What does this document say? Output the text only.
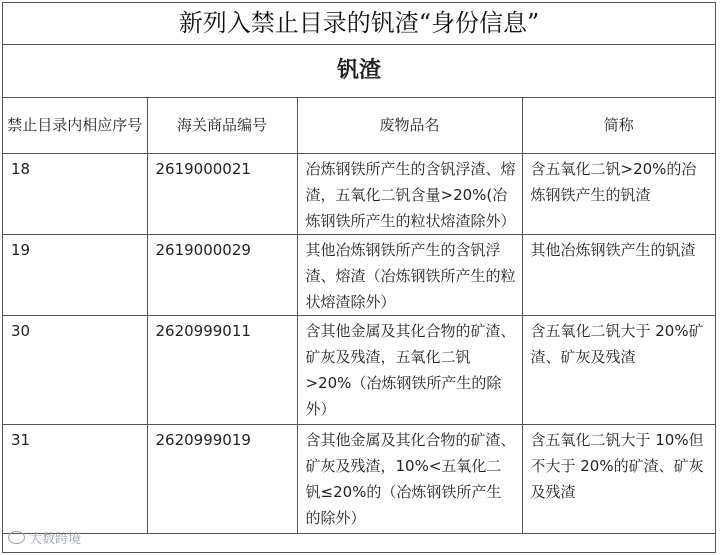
新列入禁止目录的钒渣“身份信息”
钒渣
禁止目录内相应序号	海关商品编号	废物品名	简称
18	2619000021	冶炼钢铁所产生的含钒浮渣、熔渣，五氧化二钒含量>20%(冶炼钢铁所产生的粒状熔渣除外）	含五氧化二钒>20%的冶炼钢铁产生的钒渣
19	2619000029	其他冶炼钢铁所产生的含钒浮渣、熔渣（冶炼钢铁所产生的粒状熔渣除外）	其他冶炼钢铁产生的钒渣
30	2620999011	含其他金属及其化合物的矿渣、矿灰及残渣，五氧化二钒>20%（冶炼钢铁所产生的除外）	含五氧化二钒大于 20%矿渣、矿灰及残渣
31	2620999019	含其他金属及其化合物的矿渣、矿灰及残渣，10%<五氧化二钒≤20%的（冶炼钢铁所产生的除外）	含五氧化二钒大于 10%但不大于 20%的矿渣、矿灰及残渣
大数跨境
